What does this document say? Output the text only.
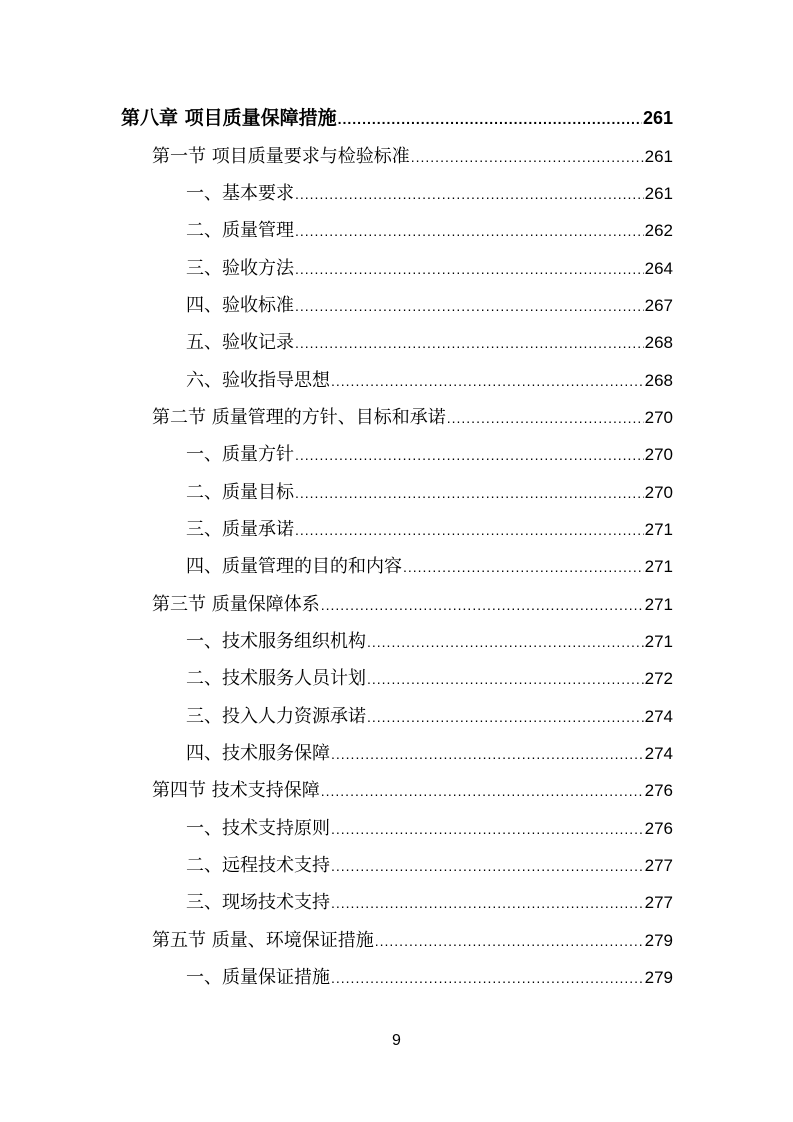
第八章 项目质量保障措施 .....	261
第一节 项目质量要求与检验标准 .....	261
一、基本要求 .....	261
二、质量管理 .....	262
三、验收方法 .....	264
四、验收标准 .....	267
五、验收记录 .....	268
六、验收指导思想 .....	268
第二节 质量管理的方针、目标和承诺 .....	270
一、质量方针 .....	270
二、质量目标 .....	270
三、质量承诺 .....	271
四、质量管理的目的和内容 .....	271
第三节 质量保障体系 .....	271
一、技术服务组织机构 .....	271
二、技术服务人员计划 .....	272
三、投入人力资源承诺 .....	274
四、技术服务保障 .....	274
第四节 技术支持保障 .....	276
一、技术支持原则 .....	276
二、远程技术支持 .....	277
三、现场技术支持 .....	277
第五节 质量、环境保证措施 .....	279
一、质量保证措施 .....	279
9
